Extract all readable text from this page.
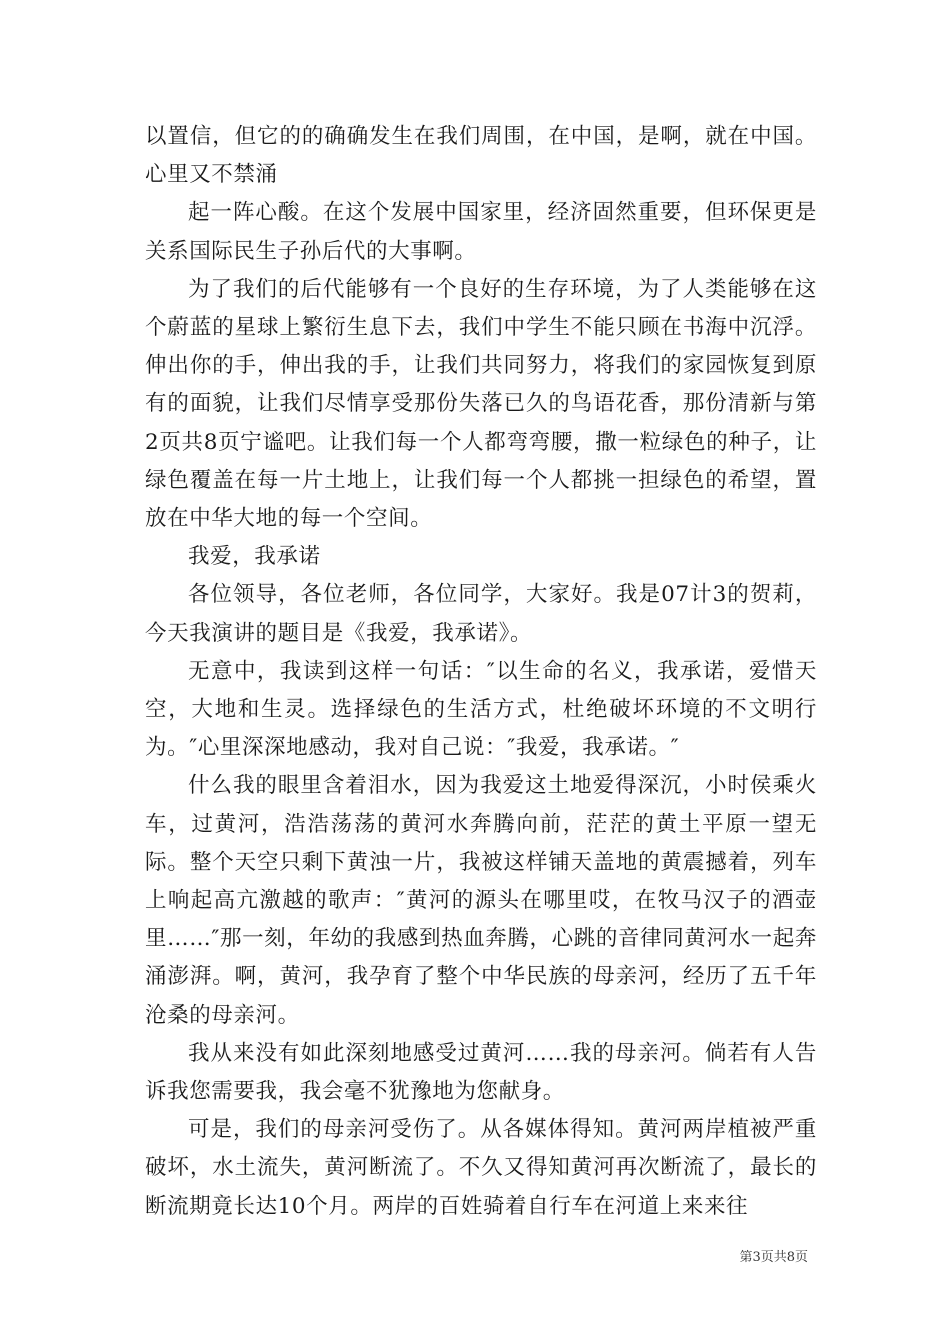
以置信，但它的的确确发生在我们周围，在中国，是啊，就在中国。心里又不禁涌

起一阵心酸。在这个发展中国家里，经济固然重要，但环保更是关系国际民生子孙后代的大事啊。

为了我们的后代能够有一个良好的生存环境，为了人类能够在这个蔚蓝的星球上繁衍生息下去，我们中学生不能只顾在书海中沉浮。伸出你的手，伸出我的手，让我们共同努力，将我们的家园恢复到原有的面貌，让我们尽情享受那份失落已久的鸟语花香，那份清新与第2页共8页宁谧吧。让我们每一个人都弯弯腰，撒一粒绿色的种子，让绿色覆盖在每一片土地上，让我们每一个人都挑一担绿色的希望，置放在中华大地的每一个空间。

我爱，我承诺

各位领导，各位老师，各位同学，大家好。我是07计3的贺莉，今天我演讲的题目是《我爱，我承诺》。

无意中，我读到这样一句话：″以生命的名义，我承诺，爱惜天空，大地和生灵。选择绿色的生活方式，杜绝破坏环境的不文明行为。″心里深深地感动，我对自己说：″我爱，我承诺。″

什么我的眼里含着泪水，因为我爱这土地爱得深沉，小时侯乘火车，过黄河，浩浩荡荡的黄河水奔腾向前，茫茫的黄土平原一望无际。整个天空只剩下黄浊一片，我被这样铺天盖地的黄震撼着，列车上响起高亢激越的歌声：″黄河的源头在哪里哎，在牧马汉子的酒壶里……″那一刻，年幼的我感到热血奔腾，心跳的音律同黄河水一起奔涌澎湃。啊，黄河，我孕育了整个中华民族的母亲河，经历了五千年沧桑的母亲河。

我从来没有如此深刻地感受过黄河……我的母亲河。倘若有人告诉我您需要我，我会毫不犹豫地为您献身。

可是，我们的母亲河受伤了。从各媒体得知。黄河两岸植被严重破坏，水土流失，黄河断流了。不久又得知黄河再次断流了，最长的断流期竟长达10个月。两岸的百姓骑着自行车在河道上来来往

第3页共8页
